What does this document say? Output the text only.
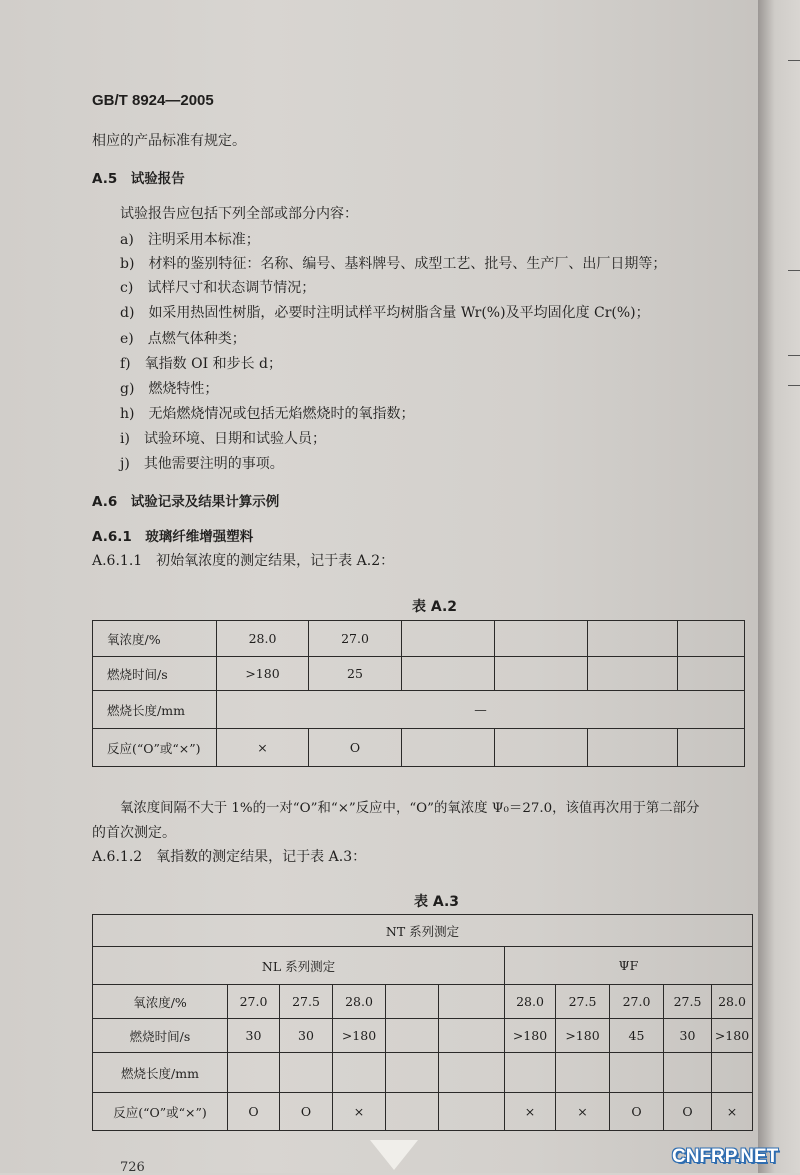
GB/T 8924—2005
相应的产品标准有规定。
A.5　试验报告
试验报告应包括下列全部或部分内容：
a)　 注明采用本标准；
b)　 材料的鉴别特征：名称、编号、基料牌号、成型工艺、批号、生产厂、出厂日期等；
c)　 试样尺寸和状态调节情况；
d)　 如采用热固性树脂，必要时注明试样平均树脂含量 Wr(%)及平均固化度 Cr(%)；
e)　 点燃气体种类；
f)　 氧指数 OI 和步长 d；
g)　 燃烧特性；
h)　 无焰燃烧情况或包括无焰燃烧时的氧指数；
i)　 试验环境、日期和试验人员；
j)　 其他需要注明的事项。
A.6　试验记录及结果计算示例
A.6.1　玻璃纤维增强塑料
A.6.1.1　初始氧浓度的测定结果，记于表 A.2：
表 A.2
氧浓度/%	28.0	27.0				
燃烧时间/s	>180	25				
燃烧长度/mm	—					
反应(“O”或“×”)	×	O				
氧浓度间隔不大于 1%的一对“O”和“×”反应中，“O”的氧浓度 Ψ₀＝27.0，该值再次用于第二部分
的首次测定。
A.6.1.2　氧指数的测定结果，记于表 A.3：
表 A.3
NT 系列测定										
NL 系列测定						ΨF				
氧浓度/%	27.0	27.5	28.0			28.0	27.5	27.0	27.5	28.0
燃烧时间/s	30	30	>180			>180	>180	45	30	>180
燃烧长度/mm										
反应(“O”或“×”)	O	O	×			×	×	O	O	×
726
CNFRP.NET
